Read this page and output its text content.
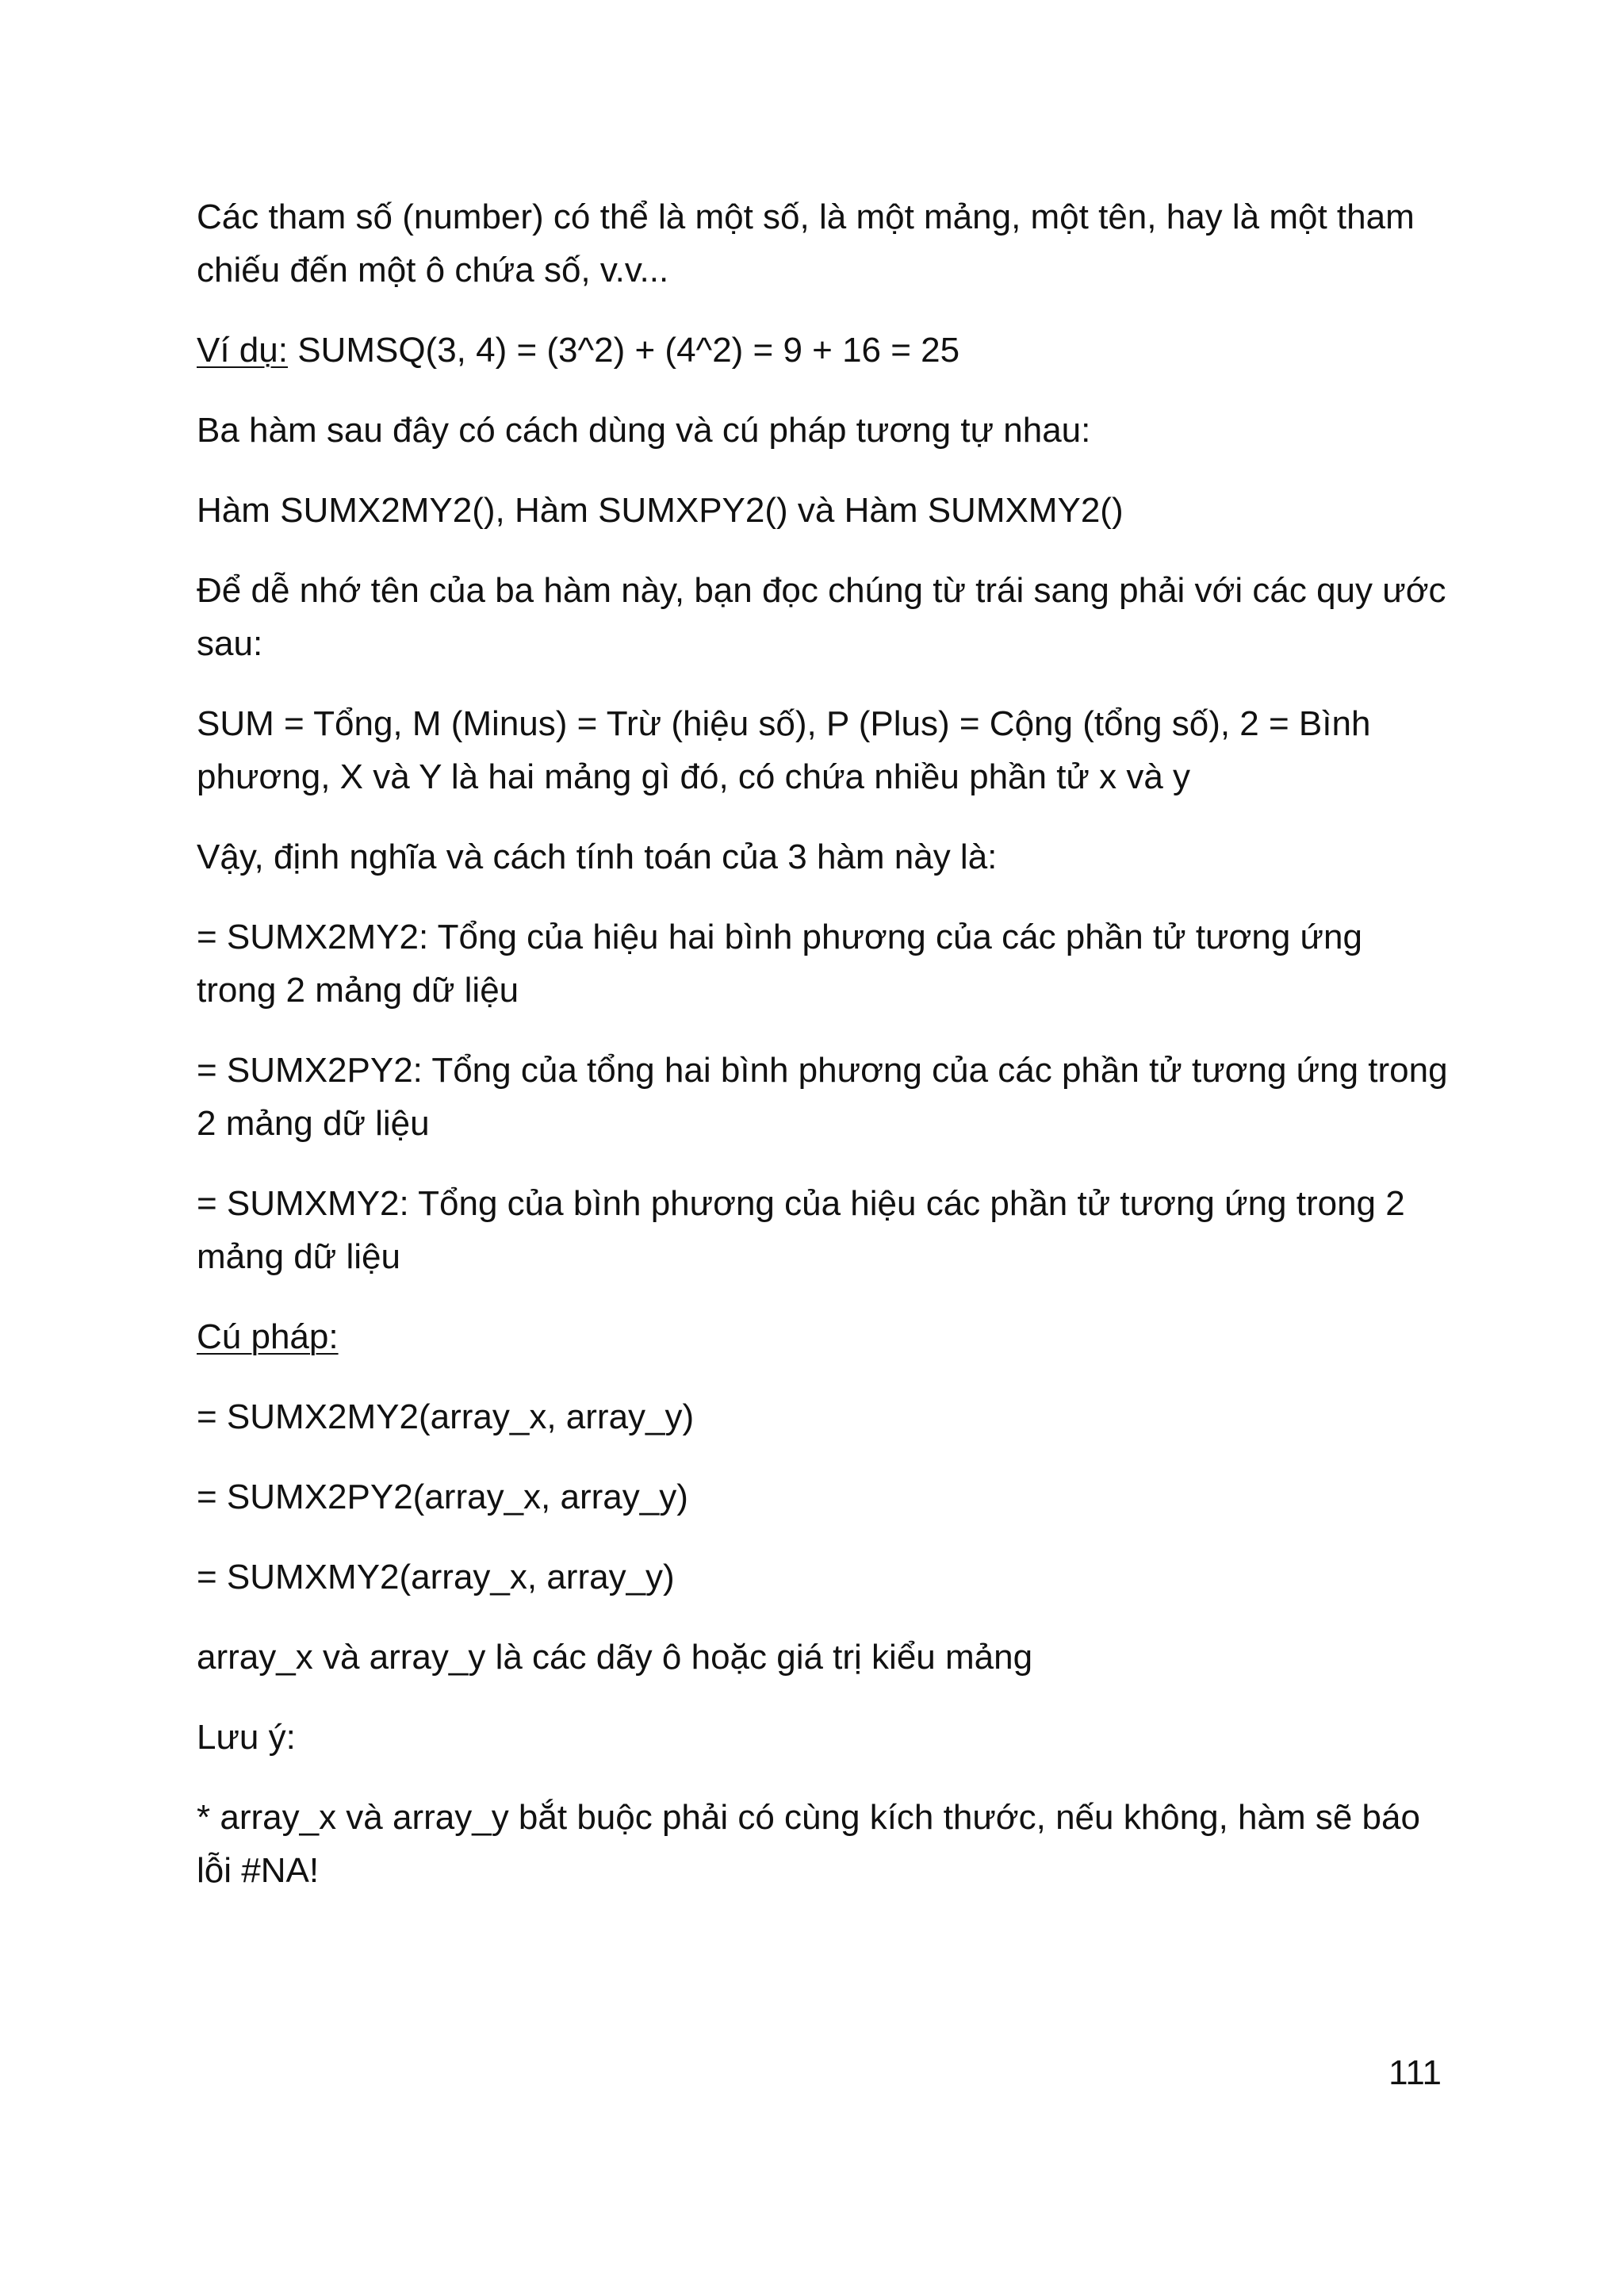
Các tham số (number) có thể là một số, là một mảng, một tên, hay là một tham chiếu đến một ô chứa số, v.v...

Ví dụ: SUMSQ(3, 4) = (3^2) + (4^2) = 9 + 16 = 25

Ba hàm sau đây có cách dùng và cú pháp tương tự nhau:

Hàm SUMX2MY2(), Hàm SUMXPY2() và Hàm SUMXMY2()

Để dễ nhớ tên của ba hàm này, bạn đọc chúng từ trái sang phải với các quy ước sau:

SUM = Tổng, M (Minus) = Trừ (hiệu số), P (Plus) = Cộng (tổng số), 2 = Bình phương, X và Y là hai mảng gì đó, có chứa nhiều phần tử x và y

Vậy, định nghĩa và cách tính toán của 3 hàm này là:

= SUMX2MY2: Tổng của hiệu hai bình phương của các phần tử tương ứng trong 2 mảng dữ liệu

= SUMX2PY2: Tổng của tổng hai bình phương của các phần tử tương ứng trong 2 mảng dữ liệu

= SUMXMY2: Tổng của bình phương của hiệu các phần tử tương ứng trong 2 mảng dữ liệu

Cú pháp:

= SUMX2MY2(array_x, array_y)

= SUMX2PY2(array_x, array_y)

= SUMXMY2(array_x, array_y)

array_x và array_y là các dãy ô hoặc giá trị kiểu mảng

Lưu ý:

* array_x và array_y bắt buộc phải có cùng kích thước, nếu không, hàm sẽ báo lỗi #NA!

111
